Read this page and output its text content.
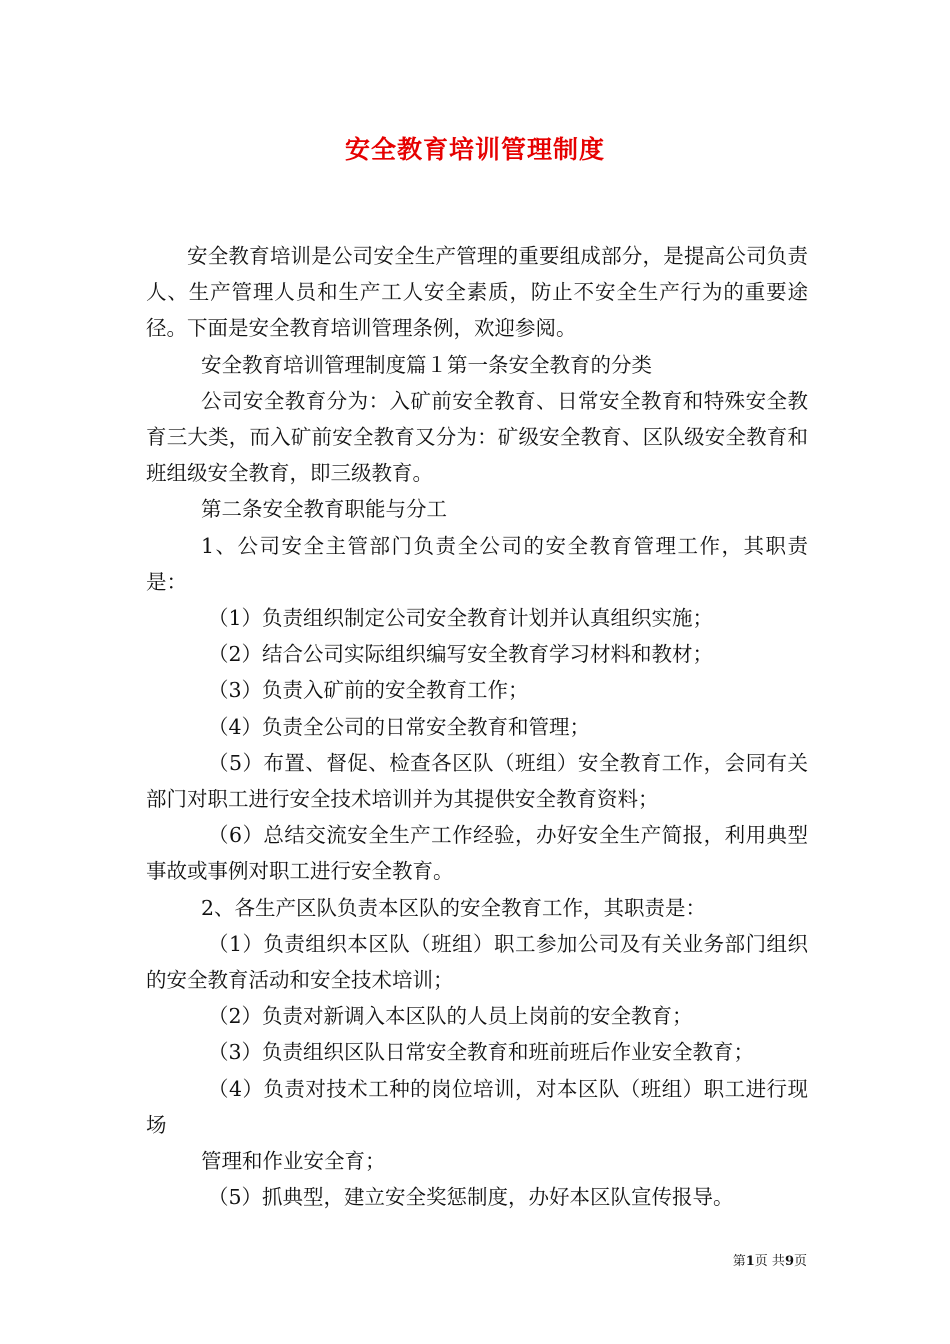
安全教育培训管理制度

安全教育培训是公司安全生产管理的重要组成部分，是提高公司负责人、生产管理人员和生产工人安全素质，防止不安全生产行为的重要途径。下面是安全教育培训管理条例，欢迎参阅。

安全教育培训管理制度篇１第一条安全教育的分类

公司安全教育分为：入矿前安全教育、日常安全教育和特殊安全教育三大类，而入矿前安全教育又分为：矿级安全教育、区队级安全教育和班组级安全教育，即三级教育。

第二条安全教育职能与分工

1、公司安全主管部门负责全公司的安全教育管理工作，其职责是：

（1）负责组织制定公司安全教育计划并认真组织实施；

（2）结合公司实际组织编写安全教育学习材料和教材；

（3）负责入矿前的安全教育工作；

（4）负责全公司的日常安全教育和管理；

（5）布置、督促、检查各区队（班组）安全教育工作，会同有关部门对职工进行安全技术培训并为其提供安全教育资料；

（6）总结交流安全生产工作经验，办好安全生产简报，利用典型事故或事例对职工进行安全教育。

2、各生产区队负责本区队的安全教育工作，其职责是：

（1）负责组织本区队（班组）职工参加公司及有关业务部门组织的安全教育活动和安全技术培训；

（2）负责对新调入本区队的人员上岗前的安全教育；

（3）负责组织区队日常安全教育和班前班后作业安全教育；

（4）负责对技术工种的岗位培训，对本区队（班组）职工进行现场

管理和作业安全育；

（5）抓典型，建立安全奖惩制度，办好本区队宣传报导。

第1页 共9页
